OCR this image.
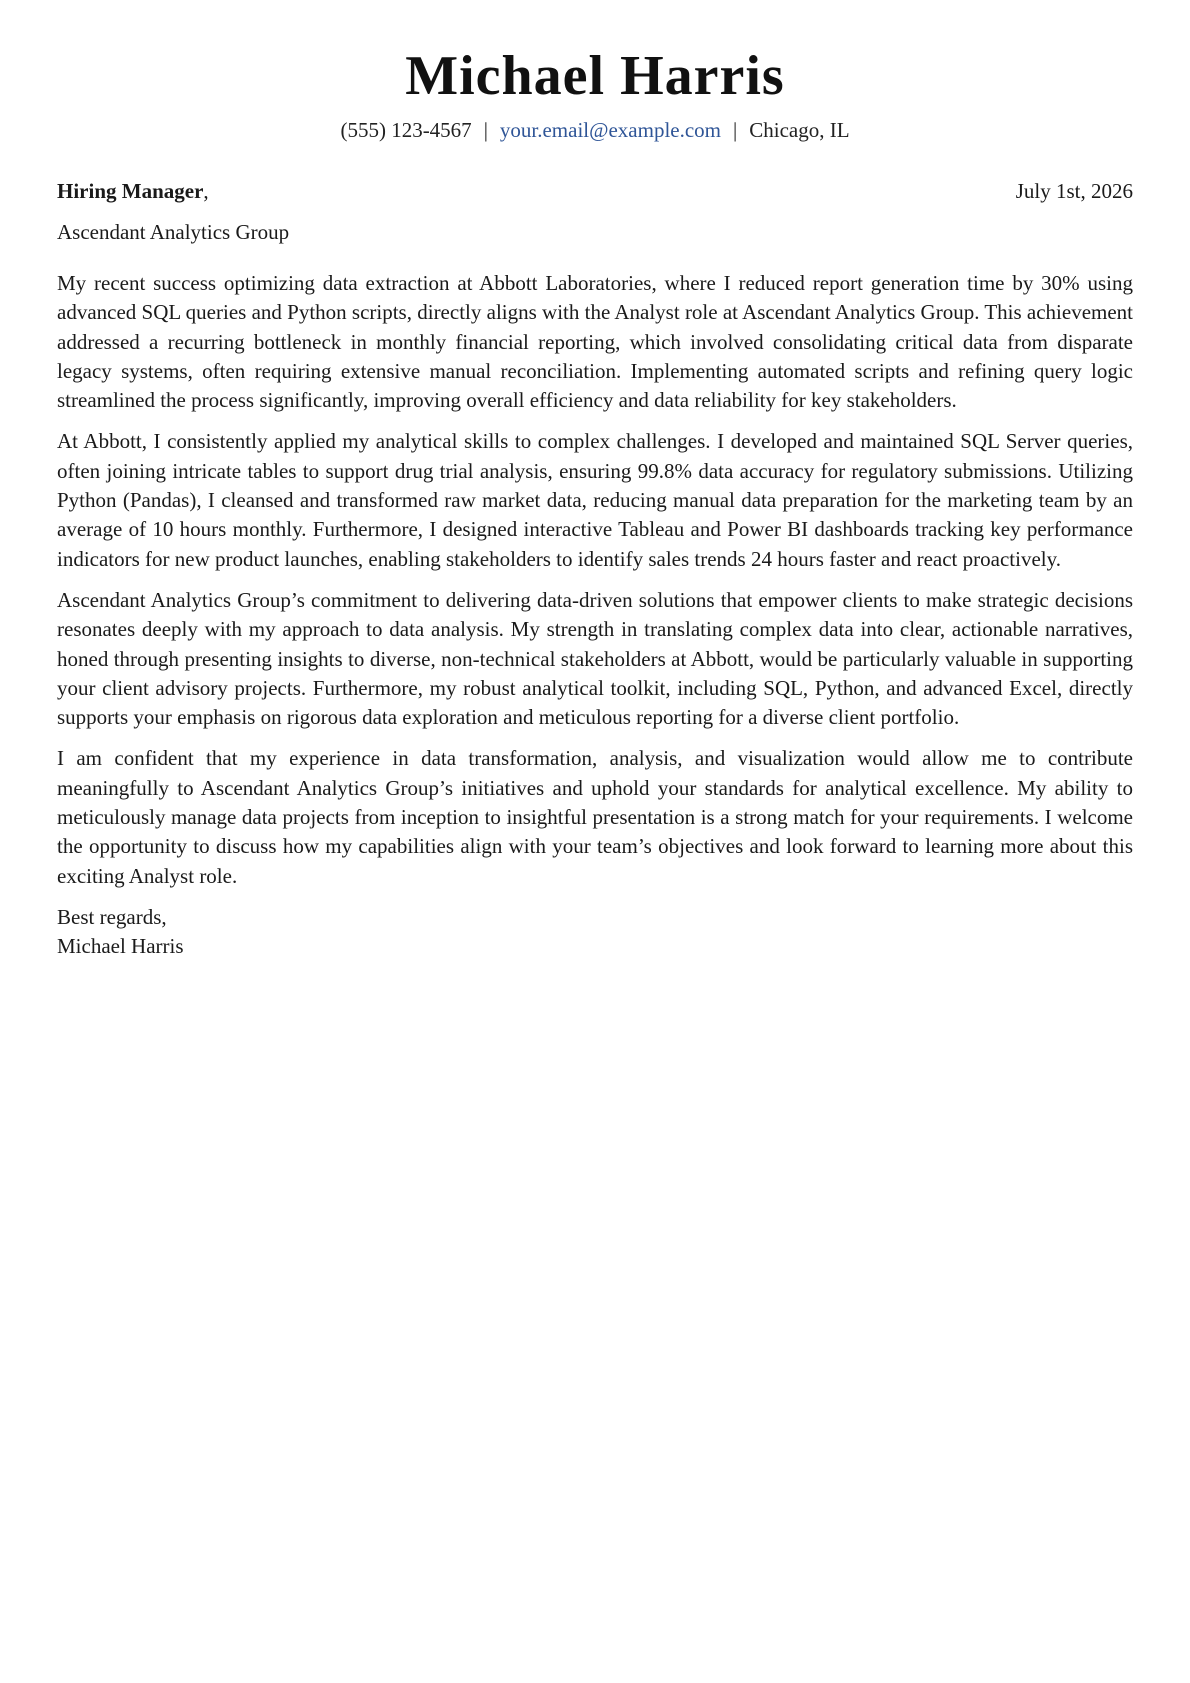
Michael Harris
(555) 123-4567 | your.email@example.com | Chicago, IL
Hiring Manager,	July 1st, 2026
Ascendant Analytics Group

My recent success optimizing data extraction at Abbott Laboratories, where I reduced report generation time by 30% using advanced SQL queries and Python scripts, directly aligns with the Analyst role at Ascendant Analytics Group. This achievement addressed a recurring bottleneck in monthly financial reporting, which involved consolidating critical data from disparate legacy systems, often requiring extensive manual reconciliation. Implementing automated scripts and refining query logic streamlined the process significantly, improving overall efficiency and data reliability for key stakeholders.

At Abbott, I consistently applied my analytical skills to complex challenges. I developed and maintained SQL Server queries, often joining intricate tables to support drug trial analysis, ensuring 99.8% data accuracy for regulatory submissions. Utilizing Python (Pandas), I cleansed and transformed raw market data, reducing manual data preparation for the marketing team by an average of 10 hours monthly. Furthermore, I designed interactive Tableau and Power BI dashboards tracking key performance indicators for new product launches, enabling stakeholders to identify sales trends 24 hours faster and react proactively.

Ascendant Analytics Group’s commitment to delivering data-driven solutions that empower clients to make strategic decisions resonates deeply with my approach to data analysis. My strength in translating complex data into clear, actionable narratives, honed through presenting insights to diverse, non-technical stakeholders at Abbott, would be particularly valuable in supporting your client advisory projects. Furthermore, my robust analytical toolkit, including SQL, Python, and advanced Excel, directly supports your emphasis on rigorous data exploration and meticulous reporting for a diverse client portfolio.

I am confident that my experience in data transformation, analysis, and visualization would allow me to contribute meaningfully to Ascendant Analytics Group’s initiatives and uphold your standards for analytical excellence. My ability to meticulously manage data projects from inception to insightful presentation is a strong match for your requirements. I welcome the opportunity to discuss how my capabilities align with your team’s objectives and look forward to learning more about this exciting Analyst role.

Best regards,
Michael Harris
